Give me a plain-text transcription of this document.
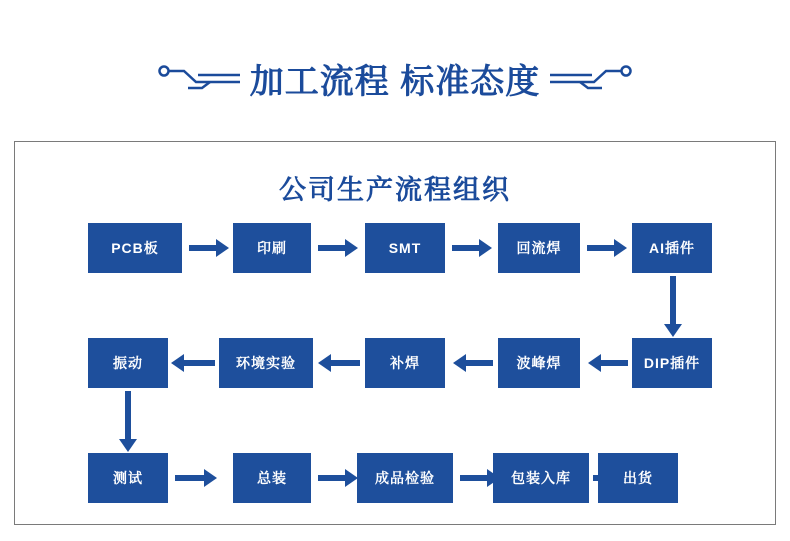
加工流程 标准态度
公司生产流程组织
PCB板	印刷	SMT	回流焊	AI插件
DIP插件
波峰焊
补焊
环境实验
振动
测试	总装	成品检验	包装入库	出货
